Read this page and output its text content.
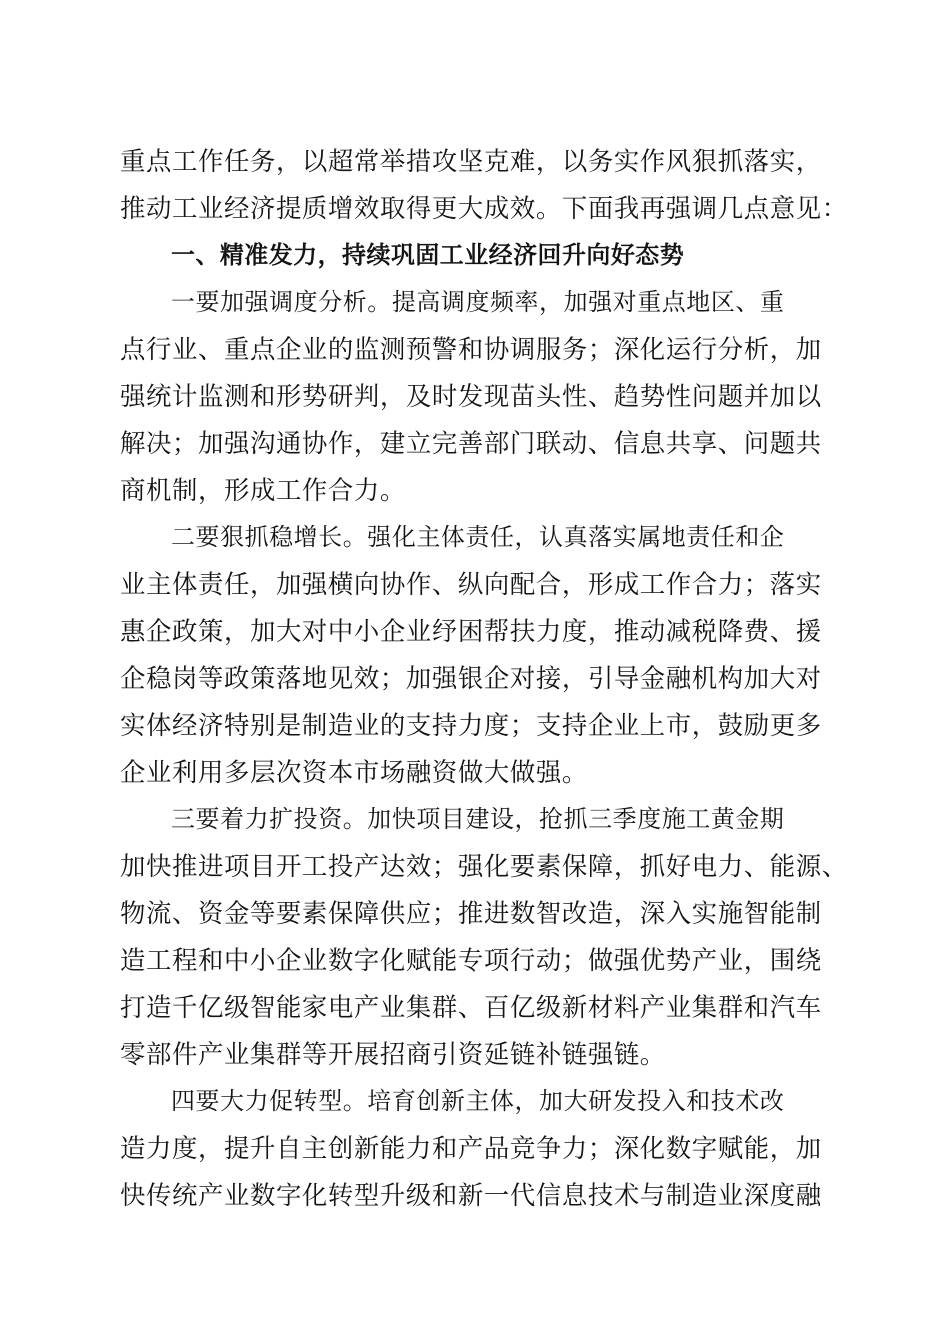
重点工作任务，以超常举措攻坚克难，以务实作风狠抓落实，
推动工业经济提质增效取得更大成效。下面我再强调几点意见：
一、精准发力，持续巩固工业经济回升向好态势
一要加强调度分析。提高调度频率，加强对重点地区、重
点行业、重点企业的监测预警和协调服务；深化运行分析，加
强统计监测和形势研判，及时发现苗头性、趋势性问题并加以
解决；加强沟通协作，建立完善部门联动、信息共享、问题共
商机制，形成工作合力。
二要狠抓稳增长。强化主体责任，认真落实属地责任和企
业主体责任，加强横向协作、纵向配合，形成工作合力；落实
惠企政策，加大对中小企业纾困帮扶力度，推动减税降费、援
企稳岗等政策落地见效；加强银企对接，引导金融机构加大对
实体经济特别是制造业的支持力度；支持企业上市，鼓励更多
企业利用多层次资本市场融资做大做强。
三要着力扩投资。加快项目建设，抢抓三季度施工黄金期
加快推进项目开工投产达效；强化要素保障，抓好电力、能源、
物流、资金等要素保障供应；推进数智改造，深入实施智能制
造工程和中小企业数字化赋能专项行动；做强优势产业，围绕
打造千亿级智能家电产业集群、百亿级新材料产业集群和汽车
零部件产业集群等开展招商引资延链补链强链。
四要大力促转型。培育创新主体，加大研发投入和技术改
造力度，提升自主创新能力和产品竞争力；深化数字赋能，加
快传统产业数字化转型升级和新一代信息技术与制造业深度融
